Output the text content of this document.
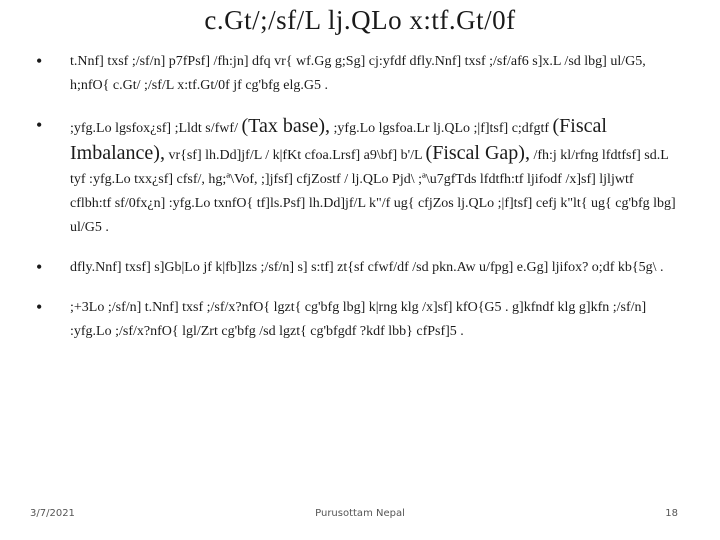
c.Gt/;/sf/L lj.QLo x:tf.Gt/0f
• t.Nnf] txsf ;/sf/n] p7fPsf] /fh:jn] dfq vr{ wf.Gg g;Sg] cj:yfdf dfly.Nnf] txsf ;/sf/af6 s]x.L /sd lbg] ul/G5, h;nfO{ c.Gt/ ;/sf/L x:tf.Gt/0f jf cg'bfg elg.G5 .
• ;yfg.Lo lgsfox¿sf] ;Lldt s/fwf/ (Tax base), ;yfg.Lo lgsfoa.Lr lj.QLo ;|f]tsf] c;dfgtf (Fiscal Imbalance), vr{sf] lh.Dd]jf/L / k|fKt cfoa.Lrsf] a9\bf] b'/L (Fiscal Gap), /fh:j kl/rfng lfdtfsf] sd.L tyf :yfg.Lo txx¿sf] cfsf/, hg;ª\Vof, ;]jfsf] cfjZostf / lj.QLo Pjd\ ;ª\u7gfTds lfdtfh:tf ljifodf /x]sf] ljljwtf cflbh:tf sf/0fx¿n] :yfg.Lo txnfO{ tf]ls.Psf] lh.Dd]jf/L k"/f ug{ cfjZos lj.QLo ;|f]tsf] cefj k"lt{ ug{ cg'bfg lbg] ul/G5 .
• dfly.Nnf] txsf] s]Gb|Lo jf k|fb]lzs ;/sf/n] s] s:tf] zt{sf cfwf/df /sd pkn.Aw u/fpg] e.Gg] ljifox? o;df kb{5g\ .
• ;+3Lo ;/sf/n] t.Nnf] txsf ;/sf/x?nfO{ lgzt{ cg'bfg lbg] k|rng klg /x]sf] kfO{G5 . g]kfndf klg g]kfn ;/sf/n] :yfg.Lo ;/sf/x?nfO{ lgl/Zrt cg'bfg /sd lgzt{ cg'bfgdf ?kdf lbb} cfPsf]5 .
3/7/2021	Purusottam Nepal	18
